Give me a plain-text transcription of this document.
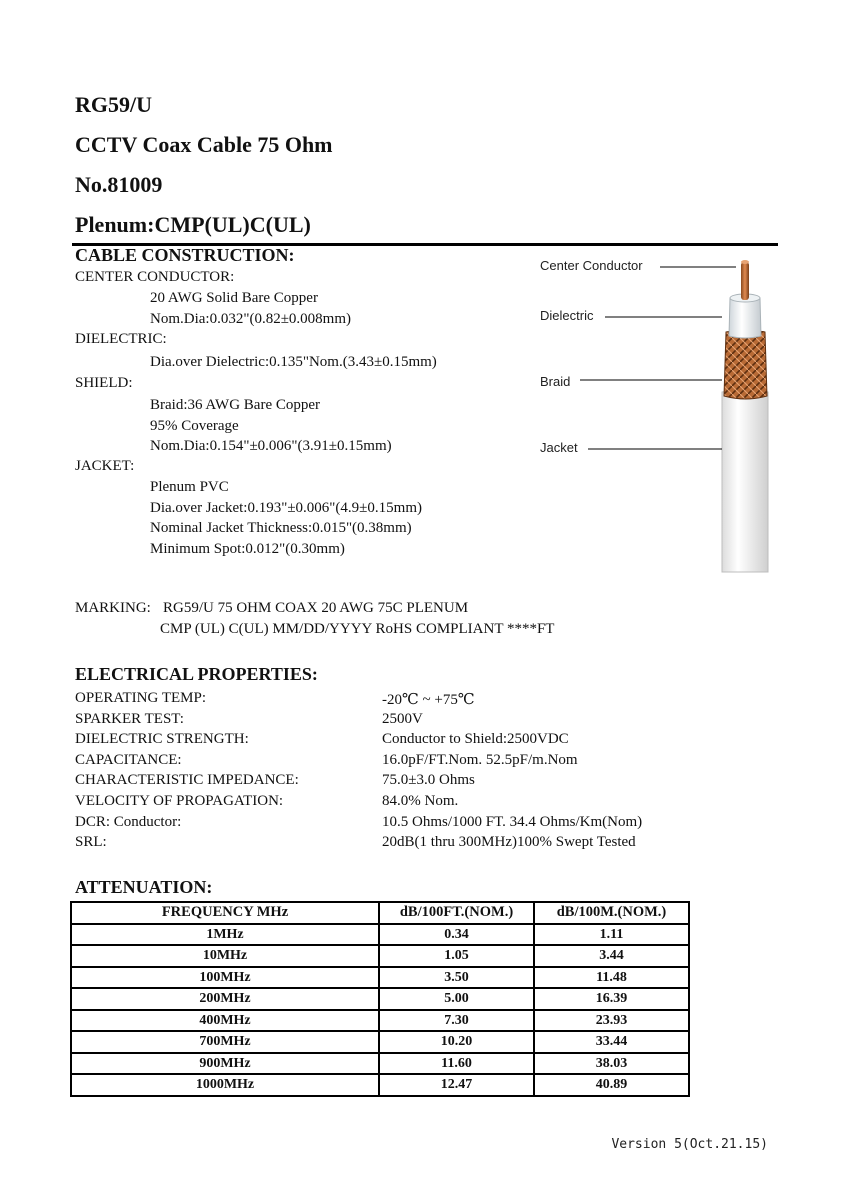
RG59/U
CCTV Coax Cable 75 Ohm
No.81009
Plenum:CMP(UL)C(UL)
CABLE CONSTRUCTION:
CENTER CONDUCTOR:
20 AWG Solid Bare Copper
Nom.Dia:0.032"(0.82±0.008mm)
DIELECTRIC:
Dia.over Dielectric:0.135"Nom.(3.43±0.15mm)
SHIELD:
Braid:36 AWG Bare Copper
95% Coverage
Nom.Dia:0.154"±0.006"(3.91±0.15mm)
JACKET:
Plenum PVC
Dia.over Jacket:0.193"±0.006"(4.9±0.15mm)
Nominal Jacket Thickness:0.015"(0.38mm)
Minimum Spot:0.012"(0.30mm)
Center Conductor
Dielectric
Braid
Jacket
MARKING: RG59/U 75 OHM COAX 20 AWG 75C PLENUM
CMP (UL) C(UL) MM/DD/YYYY RoHS COMPLIANT ****FT
ELECTRICAL PROPERTIES:
OPERATING TEMP:	-20℃ ~ +75℃
SPARKER TEST:	2500V
DIELECTRIC STRENGTH:	Conductor to Shield:2500VDC
CAPACITANCE:	16.0pF/FT.Nom. 52.5pF/m.Nom
CHARACTERISTIC IMPEDANCE:	75.0±3.0 Ohms
VELOCITY OF PROPAGATION:	84.0% Nom.
DCR: Conductor:	10.5 Ohms/1000 FT. 34.4 Ohms/Km(Nom)
SRL:	20dB(1 thru 300MHz)100% Swept Tested
ATTENUATION:
FREQUENCY MHz	dB/100FT.(NOM.)	dB/100M.(NOM.)
1MHz	0.34	1.11
10MHz	1.05	3.44
100MHz	3.50	11.48
200MHz	5.00	16.39
400MHz	7.30	23.93
700MHz	10.20	33.44
900MHz	11.60	38.03
1000MHz	12.47	40.89
Version 5(Oct.21.15)
